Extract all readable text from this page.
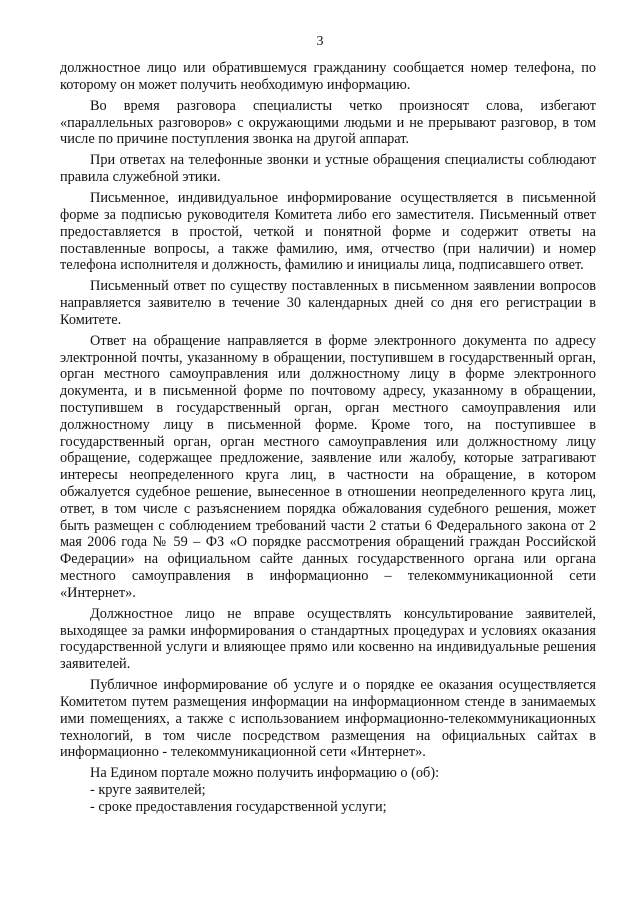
3

должностное лицо или обратившемуся гражданину сообщается номер телефона, по которому он может получить необходимую информацию.

Во время разговора специалисты четко произносят слова, избегают «параллельных разговоров» с окружающими людьми и не прерывают разговор, в том числе по причине поступления звонка на другой аппарат.

При ответах на телефонные звонки и устные обращения специалисты соблюдают правила служебной этики.

Письменное, индивидуальное информирование осуществляется в письменной форме за подписью руководителя Комитета либо его заместителя. Письменный ответ предоставляется в простой, четкой и понятной форме и содержит ответы на поставленные вопросы, а также фамилию, имя, отчество (при наличии) и номер телефона исполнителя и должность, фамилию и инициалы лица, подписавшего ответ.

Письменный ответ по существу поставленных в письменном заявлении вопросов направляется заявителю в течение 30 календарных дней со дня его регистрации в Комитете.

Ответ на обращение направляется в форме электронного документа по адресу электронной почты, указанному в обращении, поступившем в государственный орган, орган местного самоуправления или должностному лицу в форме электронного документа, и в письменной форме по почтовому адресу, указанному в обращении, поступившем в государственный орган, орган местного самоуправления или должностному лицу в письменной форме. Кроме того, на поступившее в государственный орган, орган местного самоуправления или должностному лицу обращение, содержащее предложение, заявление или жалобу, которые затрагивают интересы неопределенного круга лиц, в частности на обращение, в котором обжалуется судебное решение, вынесенное в отношении неопределенного круга лиц, ответ, в том числе с разъяснением порядка обжалования судебного решения, может быть размещен с соблюдением требований части 2 статьи 6 Федерального закона от 2 мая 2006 года № 59 – ФЗ «О порядке рассмотрения обращений граждан Российской Федерации» на официальном сайте данных государственного органа или органа местного самоуправления в информационно – телекоммуникационной сети «Интернет».

Должностное лицо не вправе осуществлять консультирование заявителей, выходящее за рамки информирования о стандартных процедурах и условиях оказания государственной услуги и влияющее прямо или косвенно на индивидуальные решения заявителей.

Публичное информирование об услуге и о порядке ее оказания осуществляется Комитетом путем размещения информации на информационном стенде в занимаемых ими помещениях, а также с использованием информационно-телекоммуникационных технологий, в том числе посредством размещения на официальных сайтах в информационно - телекоммуникационной сети «Интернет».

На Едином портале можно получить информацию о (об):

- круге заявителей;

- сроке предоставления государственной услуги;
